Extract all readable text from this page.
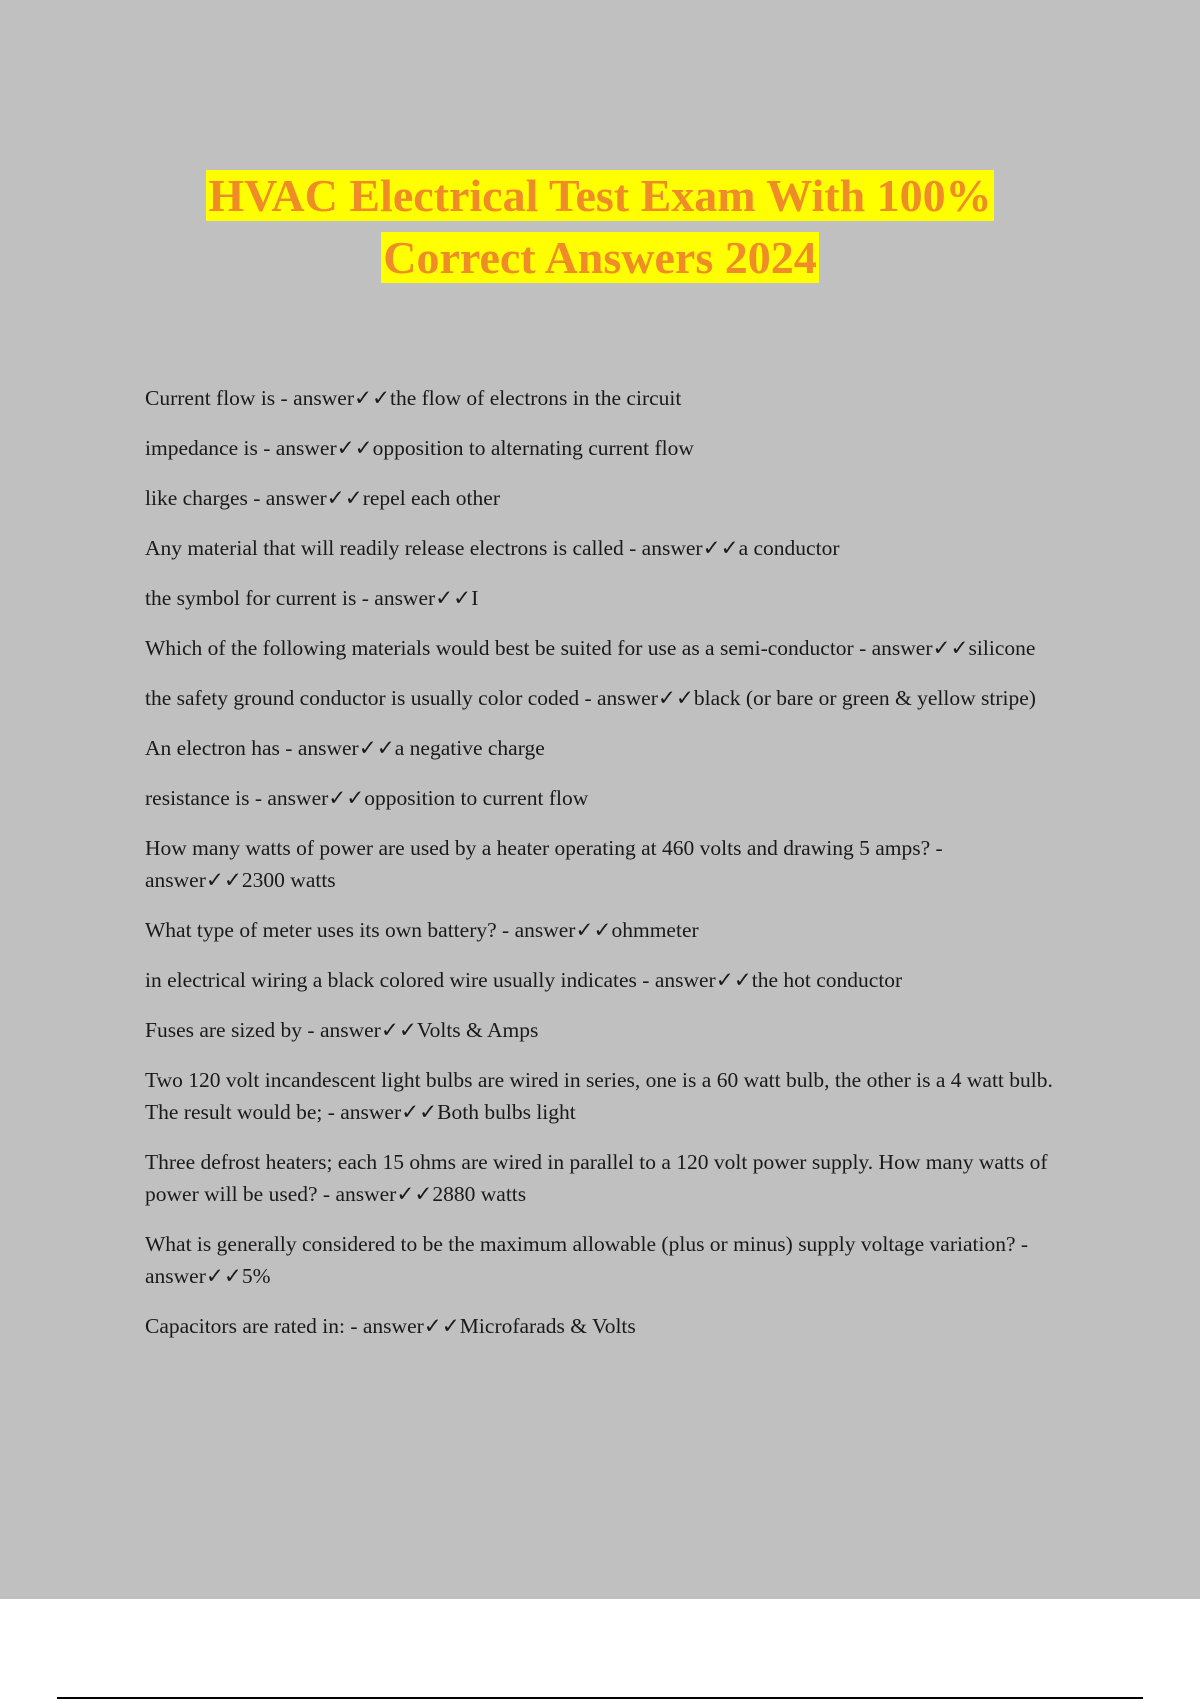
HVAC Electrical Test Exam With 100%
Correct Answers 2024

Current flow is - answer✓✓the flow of electrons in the circuit

impedance is - answer✓✓opposition to alternating current flow

like charges - answer✓✓repel each other

Any material that will readily release electrons is called - answer✓✓a conductor

the symbol for current is - answer✓✓I

Which of the following materials would best be suited for use as a semi-conductor - answer✓✓silicone

the safety ground conductor is usually color coded - answer✓✓black (or bare or green & yellow stripe)

An electron has - answer✓✓a negative charge

resistance is - answer✓✓opposition to current flow

How many watts of power are used by a heater operating at 460 volts and drawing 5 amps? - answer✓✓2300 watts

What type of meter uses its own battery? - answer✓✓ohmmeter

in electrical wiring a black colored wire usually indicates - answer✓✓the hot conductor

Fuses are sized by - answer✓✓Volts & Amps

Two 120 volt incandescent light bulbs are wired in series, one is a 60 watt bulb, the other is a 4 watt bulb. The result would be; - answer✓✓Both bulbs light

Three defrost heaters; each 15 ohms are wired in parallel to a 120 volt power supply. How many watts of power will be used? - answer✓✓2880 watts

What is generally considered to be the maximum allowable (plus or minus) supply voltage variation? - answer✓✓5%

Capacitors are rated in: - answer✓✓Microfarads & Volts
